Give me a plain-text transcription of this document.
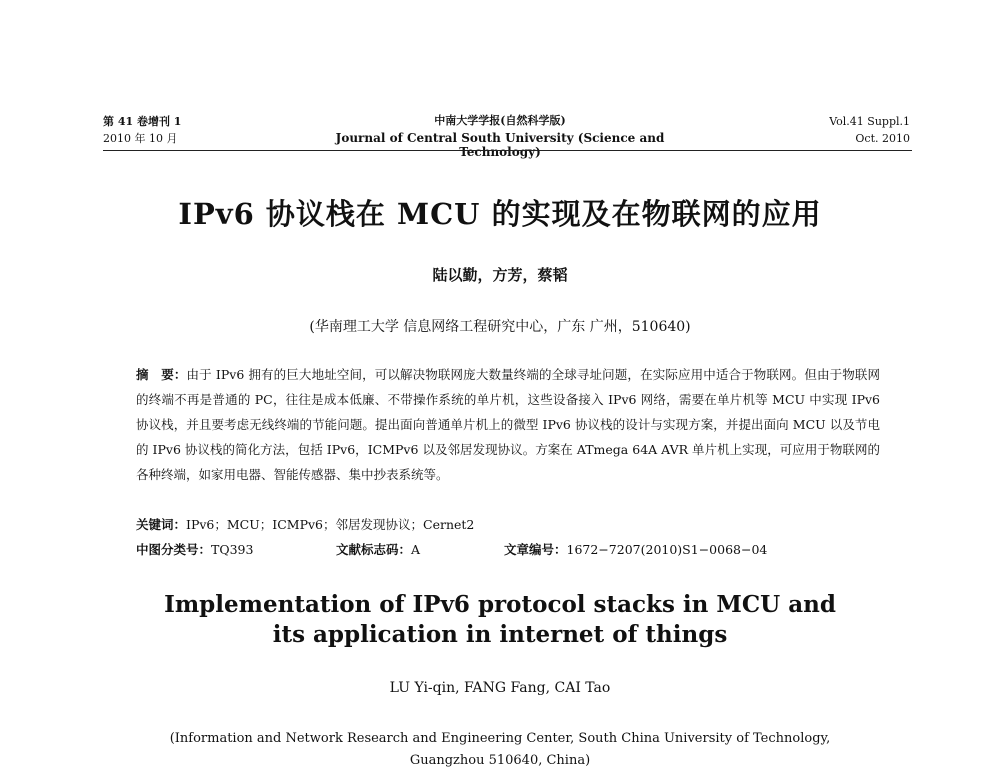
第 41 卷增刊 1
2010 年 10 月
中南大学学报(自然科学版)
Journal of Central South University (Science and Technology)
Vol.41 Suppl.1
Oct. 2010
IPv6 协议栈在 MCU 的实现及在物联网的应用
陆以勤，方芳，蔡韬
(华南理工大学 信息网络工程研究中心，广东 广州，510640)
摘　要：由于 IPv6 拥有的巨大地址空间，可以解决物联网庞大数量终端的全球寻址问题，在实际应用中适合于物联网。但由于物联网的终端不再是普通的 PC，往往是成本低廉、不带操作系统的单片机，这些设备接入 IPv6 网络，需要在单片机等 MCU 中实现 IPv6 协议栈，并且要考虑无线终端的节能问题。提出面向普通单片机上的微型 IPv6 协议栈的设计与实现方案，并提出面向 MCU 以及节电的 IPv6 协议栈的简化方法，包括 IPv6，ICMPv6 以及邻居发现协议。方案在 ATmega 64A AVR 单片机上实现，可应用于物联网的各种终端，如家用电器、智能传感器、集中抄表系统等。
关键词：IPv6；MCU；ICMPv6；邻居发现协议；Cernet2
中图分类号：TQ393	文献标志码：A	文章编号：1672−7207(2010)S1−0068−04
Implementation of IPv6 protocol stacks in MCU and
its application in internet of things
LU Yi-qin, FANG Fang, CAI Tao
(Information and Network Research and Engineering Center, South China University of Technology,
Guangzhou 510640, China)
